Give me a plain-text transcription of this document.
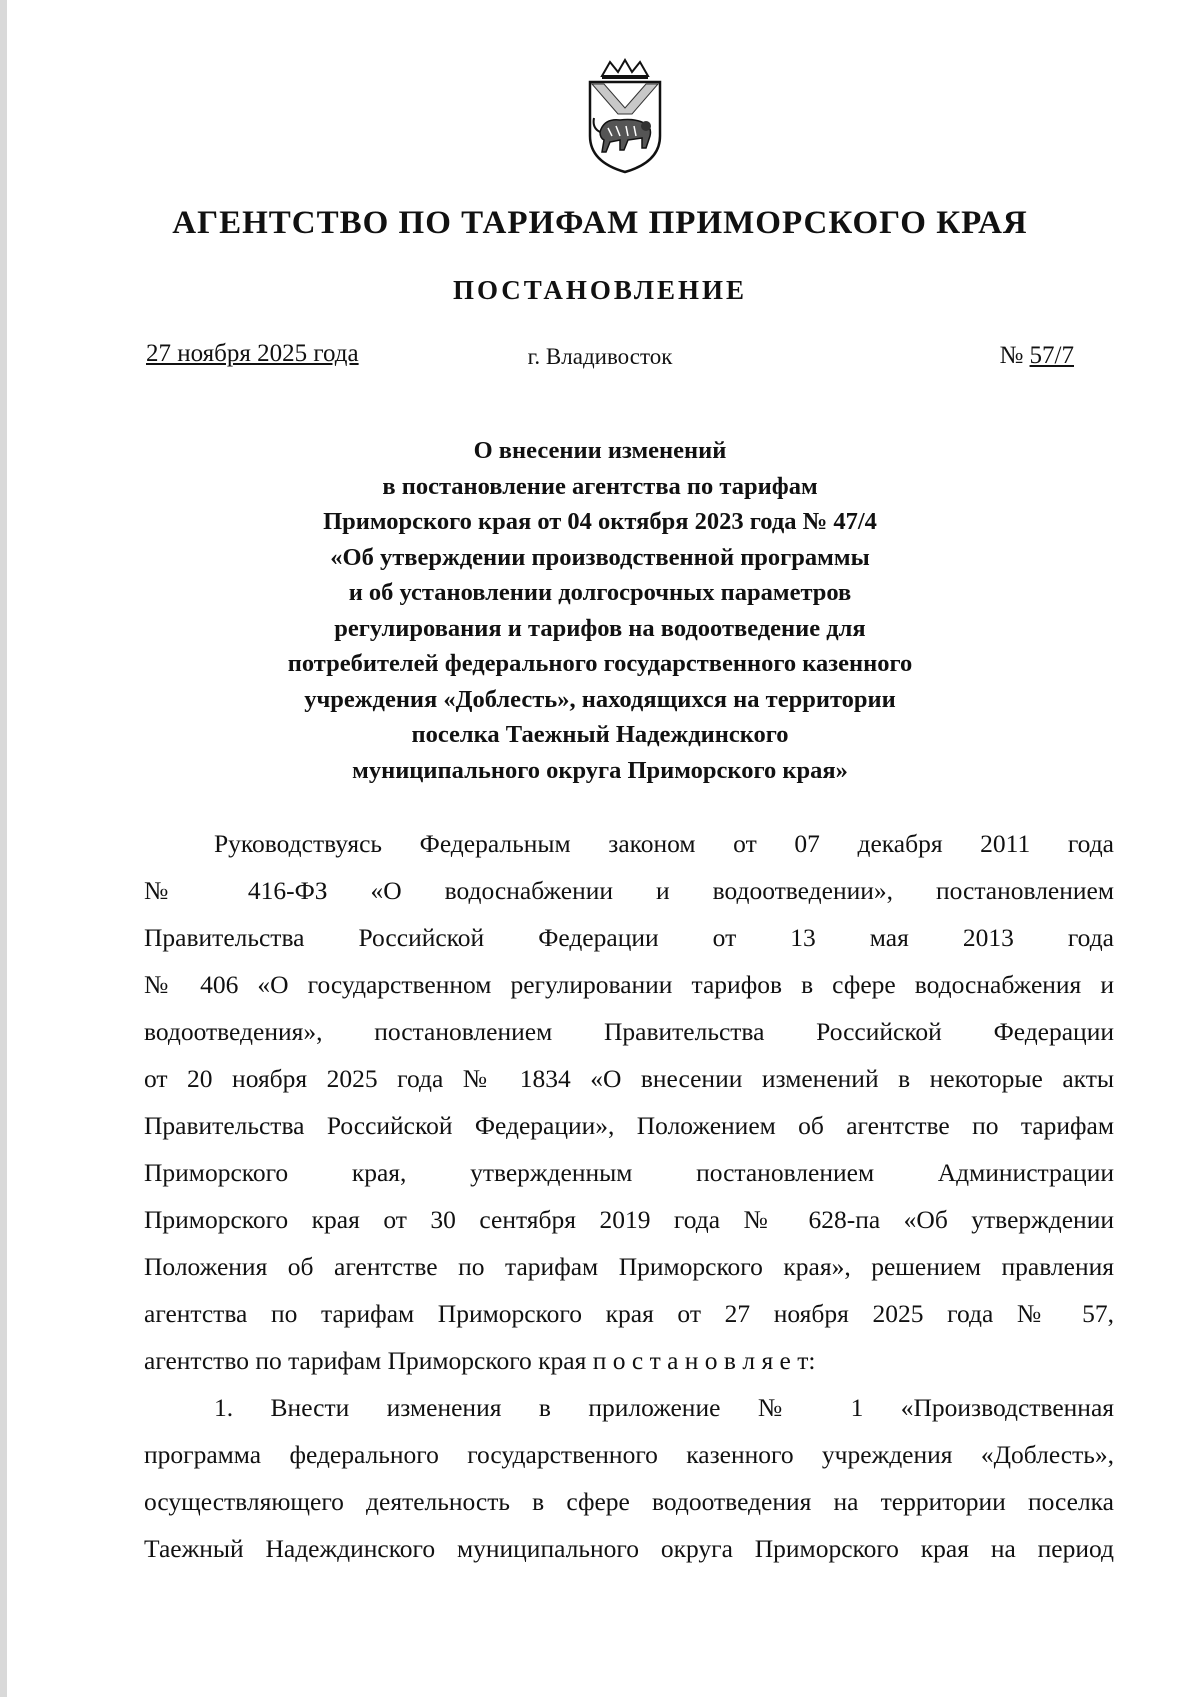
АГЕНТСТВО ПО ТАРИФАМ ПРИМОРСКОГО КРАЯ
ПОСТАНОВЛЕНИЕ
27 ноября 2025 года	г. Владивосток	№ 57/7
О внесении изменений
в постановление агентства по тарифам
Приморского края от 04 октября 2023 года № 47/4
«Об утверждении производственной программы
и об установлении долгосрочных параметров
регулирования и тарифов на водоотведение для
потребителей федерального государственного казенного
учреждения «Доблесть», находящихся на территории
поселка Таежный Надеждинского
муниципального округа Приморского края»
Руководствуясь Федеральным законом от 07 декабря 2011 года
№ 416-ФЗ «О водоснабжении и водоотведении», постановлением
Правительства Российской Федерации от 13 мая 2013 года
№ 406 «О государственном регулировании тарифов в сфере водоснабжения и
водоотведения», постановлением Правительства Российской Федерации
от 20 ноября 2025 года № 1834 «О внесении изменений в некоторые акты
Правительства Российской Федерации», Положением об агентстве по тарифам
Приморского края, утвержденным постановлением Администрации
Приморского края от 30 сентября 2019 года № 628-па «Об утверждении
Положения об агентстве по тарифам Приморского края», решением правления
агентства по тарифам Приморского края от 27 ноября 2025 года № 57,
агентство по тарифам Приморского края п о с т а н о в л я е т:
1. Внести изменения в приложение № 1 «Производственная
программа федерального государственного казенного учреждения «Доблесть»,
осуществляющего деятельность в сфере водоотведения на территории поселка
Таежный Надеждинского муниципального округа Приморского края на период
